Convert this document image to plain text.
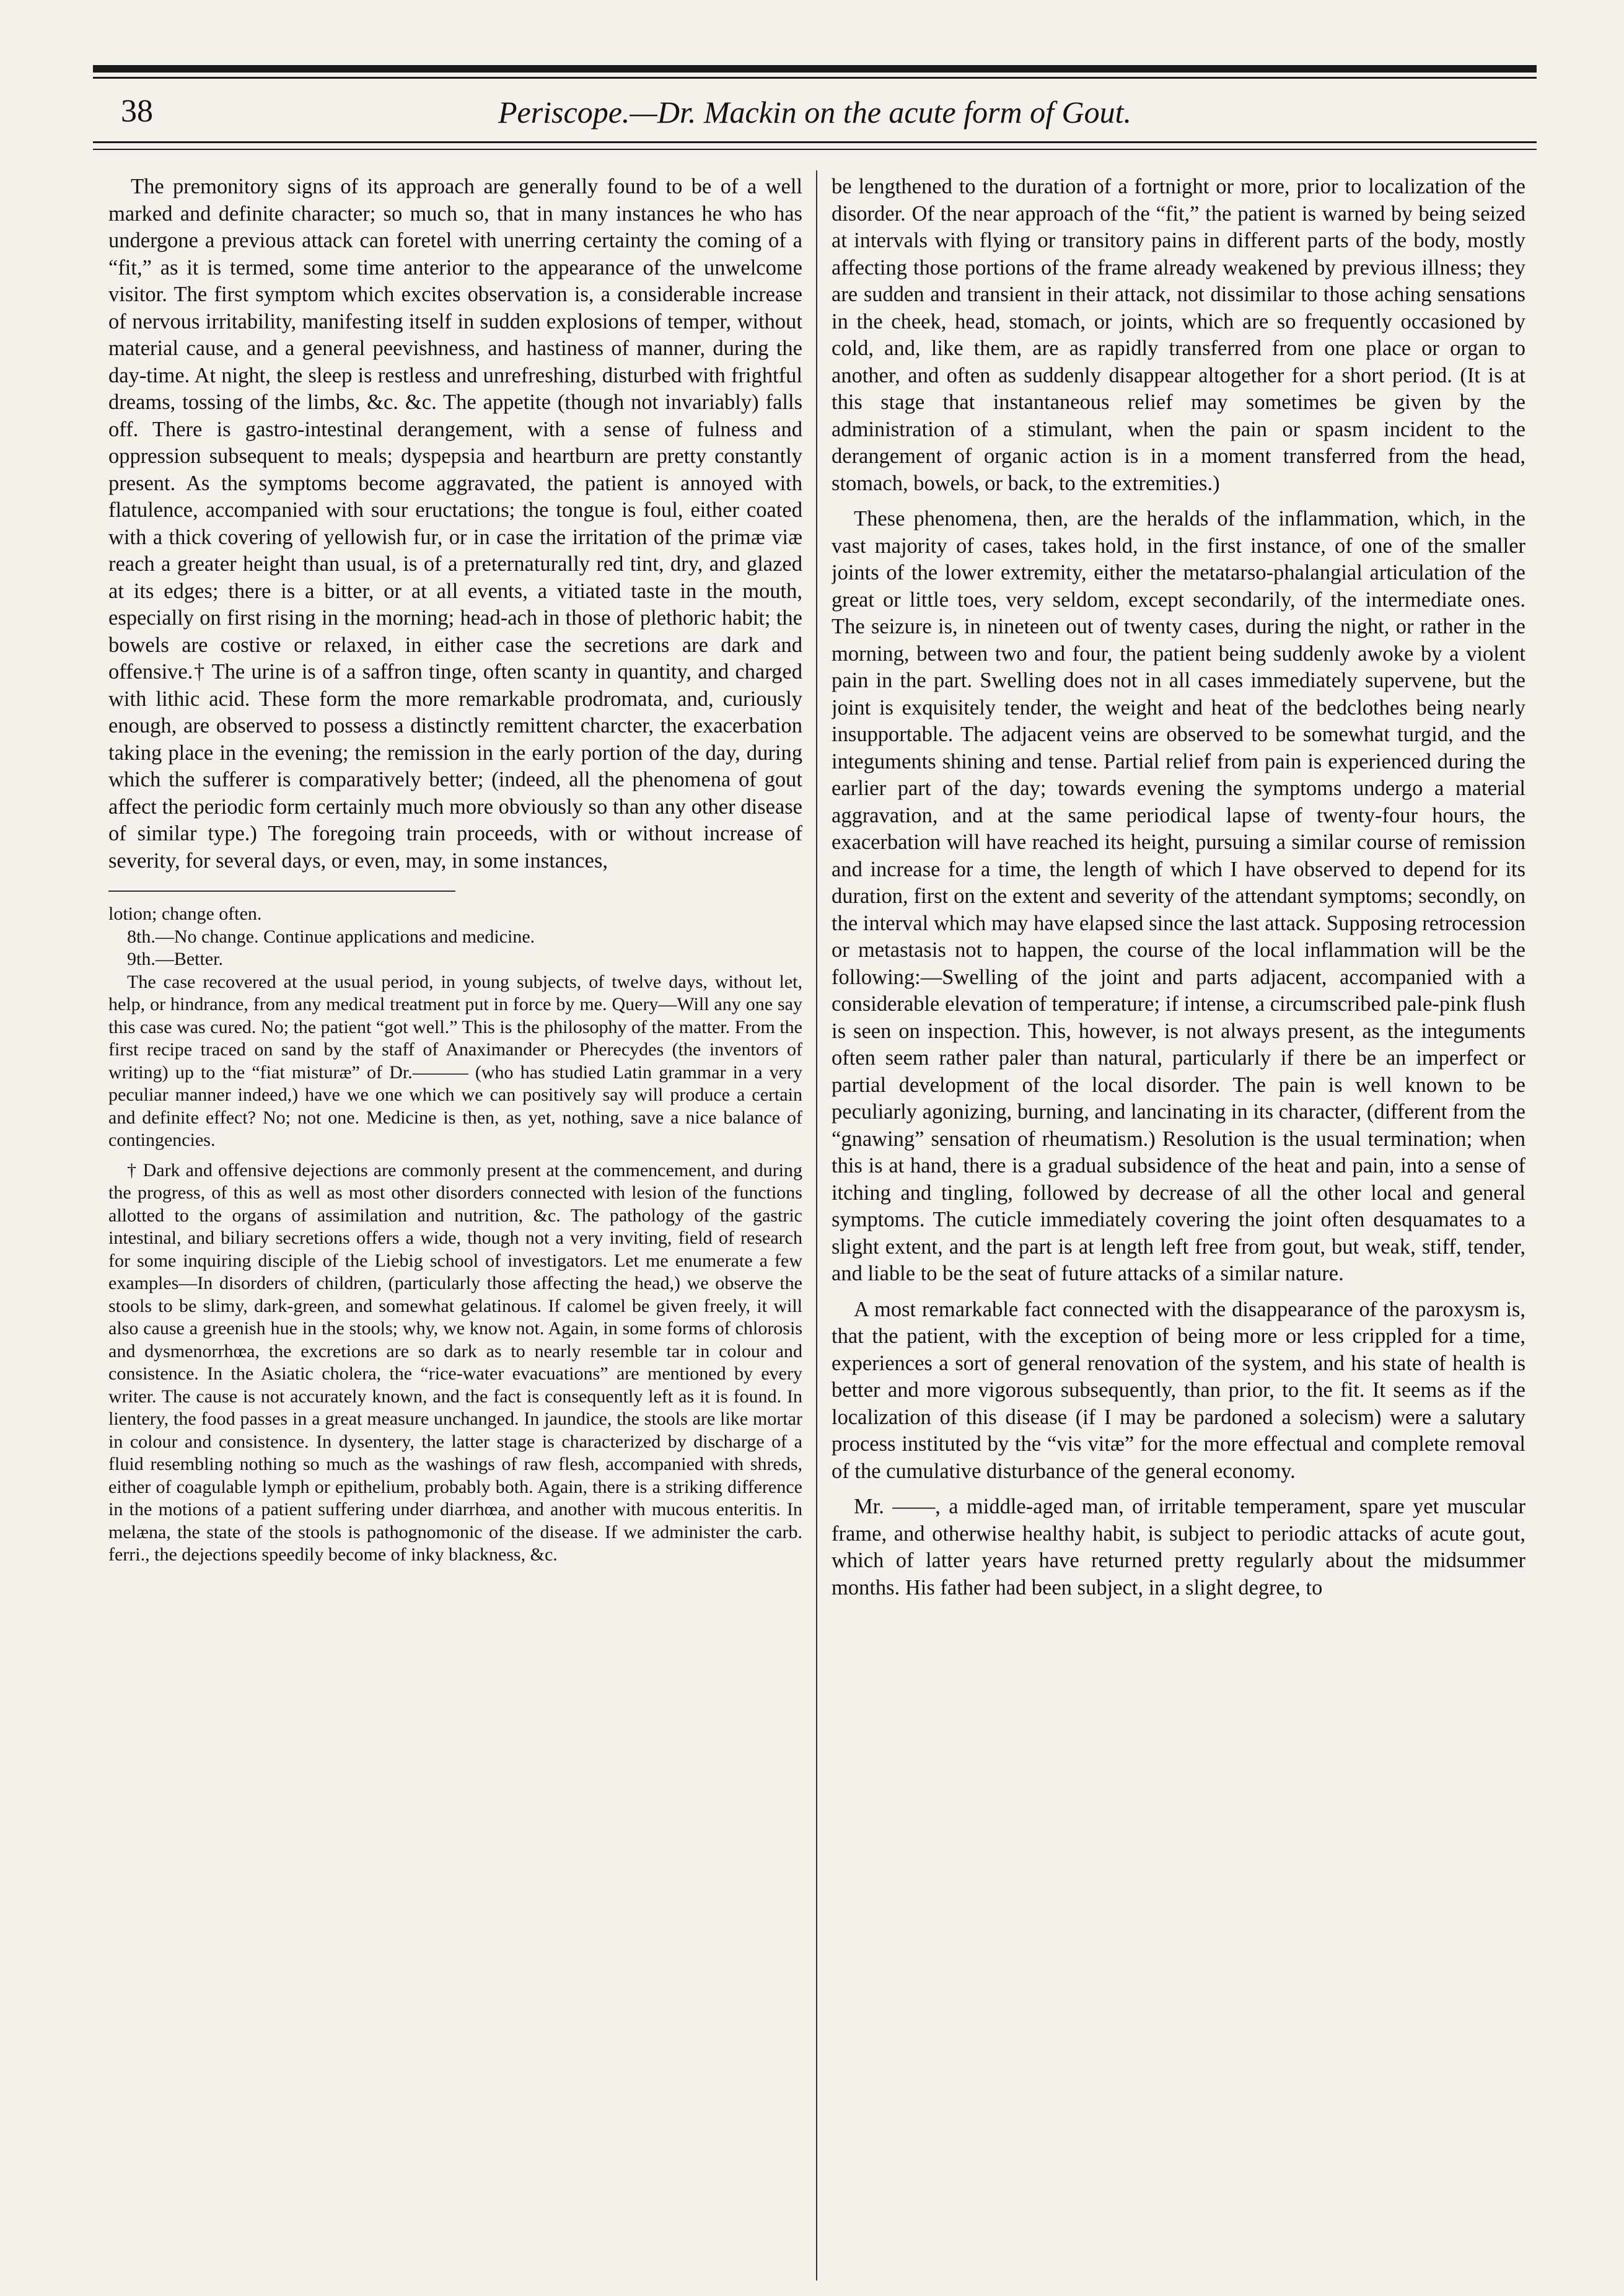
Periscope.—Dr. Mackin on the acute form of Gout.
38

The premonitory signs of its approach are generally found to be of a well marked and definite character; so much so, that in many instances he who has undergone a previous attack can foretel with unerring certainty the coming of a “fit,” as it is termed, some time anterior to the appearance of the unwelcome visitor. The first symptom which excites observation is, a considerable increase of nervous irritability, manifesting itself in sudden explosions of temper, without material cause, and a general peevishness, and hastiness of manner, during the day-time. At night, the sleep is restless and unrefreshing, disturbed with frightful dreams, tossing of the limbs, &c. &c. The appetite (though not invariably) falls off. There is gastro-intestinal derangement, with a sense of fulness and oppression subsequent to meals; dyspepsia and heartburn are pretty constantly present. As the symptoms become aggravated, the patient is annoyed with flatulence, accompanied with sour eructations; the tongue is foul, either coated with a thick covering of yellowish fur, or in case the irritation of the primæ viæ reach a greater height than usual, is of a preternaturally red tint, dry, and glazed at its edges; there is a bitter, or at all events, a vitiated taste in the mouth, especially on first rising in the morning; head-ach in those of plethoric habit; the bowels are costive or relaxed, in either case the secretions are dark and offensive.† The urine is of a saffron tinge, often scanty in quantity, and charged with lithic acid. These form the more remarkable prodromata, and, curiously enough, are observed to possess a distinctly remittent charcter, the exacerbation taking place in the evening; the remission in the early portion of the day, during which the sufferer is comparatively better; (indeed, all the phenomena of gout affect the periodic form certainly much more obviously so than any other disease of similar type.) The foregoing train proceeds, with or without increase of severity, for several days, or even, may, in some instances,

lotion; change often.

8th.—No change. Continue applications and medicine.

9th.—Better.

The case recovered at the usual period, in young subjects, of twelve days, without let, help, or hindrance, from any medical treatment put in force by me. Query—Will any one say this case was cured. No; the patient “got well.” This is the philosophy of the matter. From the first recipe traced on sand by the staff of Anaximander or Pherecydes (the inventors of writing) up to the “fiat misturæ” of Dr.——— (who has studied Latin grammar in a very peculiar manner indeed,) have we one which we can positively say will produce a certain and definite effect? No; not one. Medicine is then, as yet, nothing, save a nice balance of contingencies.

† Dark and offensive dejections are commonly present at the commencement, and during the progress, of this as well as most other disorders connected with lesion of the functions allotted to the organs of assimilation and nutrition, &c. The pathology of the gastric intestinal, and biliary secretions offers a wide, though not a very inviting, field of research for some inquiring disciple of the Liebig school of investigators. Let me enumerate a few examples—In disorders of children, (particularly those affecting the head,) we observe the stools to be slimy, dark-green, and somewhat gelatinous. If calomel be given freely, it will also cause a greenish hue in the stools; why, we know not. Again, in some forms of chlorosis and dysmenorrhœa, the excretions are so dark as to nearly resemble tar in colour and consistence. In the Asiatic cholera, the “rice-water evacuations” are mentioned by every writer. The cause is not accurately known, and the fact is consequently left as it is found. In lientery, the food passes in a great measure unchanged. In jaundice, the stools are like mortar in colour and consistence. In dysentery, the latter stage is characterized by discharge of a fluid resembling nothing so much as the washings of raw flesh, accompanied with shreds, either of coagulable lymph or epithelium, probably both. Again, there is a striking difference in the motions of a patient suffering under diarrhœa, and another with mucous enteritis. In melæna, the state of the stools is pathognomonic of the disease. If we administer the carb. ferri., the dejections speedily become of inky blackness, &c.

be lengthened to the duration of a fortnight or more, prior to localization of the disorder. Of the near approach of the “fit,” the patient is warned by being seized at intervals with flying or transitory pains in different parts of the body, mostly affecting those portions of the frame already weakened by previous illness; they are sudden and transient in their attack, not dissimilar to those aching sensations in the cheek, head, stomach, or joints, which are so frequently occasioned by cold, and, like them, are as rapidly transferred from one place or organ to another, and often as suddenly disappear altogether for a short period. (It is at this stage that instantaneous relief may sometimes be given by the administration of a stimulant, when the pain or spasm incident to the derangement of organic action is in a moment transferred from the head, stomach, bowels, or back, to the extremities.)

These phenomena, then, are the heralds of the inflammation, which, in the vast majority of cases, takes hold, in the first instance, of one of the smaller joints of the lower extremity, either the metatarso-phalangial articulation of the great or little toes, very seldom, except secondarily, of the intermediate ones. The seizure is, in nineteen out of twenty cases, during the night, or rather in the morning, between two and four, the patient being suddenly awoke by a violent pain in the part. Swelling does not in all cases immediately supervene, but the joint is exquisitely tender, the weight and heat of the bedclothes being nearly insupportable. The adjacent veins are observed to be somewhat turgid, and the integuments shining and tense. Partial relief from pain is experienced during the earlier part of the day; towards evening the symptoms undergo a material aggravation, and at the same periodical lapse of twenty-four hours, the exacerbation will have reached its height, pursuing a similar course of remission and increase for a time, the length of which I have observed to depend for its duration, first on the extent and severity of the attendant symptoms; secondly, on the interval which may have elapsed since the last attack. Supposing retrocession or metastasis not to happen, the course of the local inflammation will be the following:—Swelling of the joint and parts adjacent, accompanied with a considerable elevation of temperature; if intense, a circumscribed pale-pink flush is seen on inspection. This, however, is not always present, as the integuments often seem rather paler than natural, particularly if there be an imperfect or partial development of the local disorder. The pain is well known to be peculiarly agonizing, burning, and lancinating in its character, (different from the “gnawing” sensation of rheumatism.) Resolution is the usual termination; when this is at hand, there is a gradual subsidence of the heat and pain, into a sense of itching and tingling, followed by decrease of all the other local and general symptoms. The cuticle immediately covering the joint often desquamates to a slight extent, and the part is at length left free from gout, but weak, stiff, tender, and liable to be the seat of future attacks of a similar nature.

A most remarkable fact connected with the disappearance of the paroxysm is, that the patient, with the exception of being more or less crippled for a time, experiences a sort of general renovation of the system, and his state of health is better and more vigorous subsequently, than prior, to the fit. It seems as if the localization of this disease (if I may be pardoned a solecism) were a salutary process instituted by the “vis vitæ” for the more effectual and complete removal of the cumulative disturbance of the general economy.

Mr. ——, a middle-aged man, of irritable temperament, spare yet muscular frame, and otherwise healthy habit, is subject to periodic attacks of acute gout, which of latter years have returned pretty regularly about the midsummer months. His father had been subject, in a slight degree, to
